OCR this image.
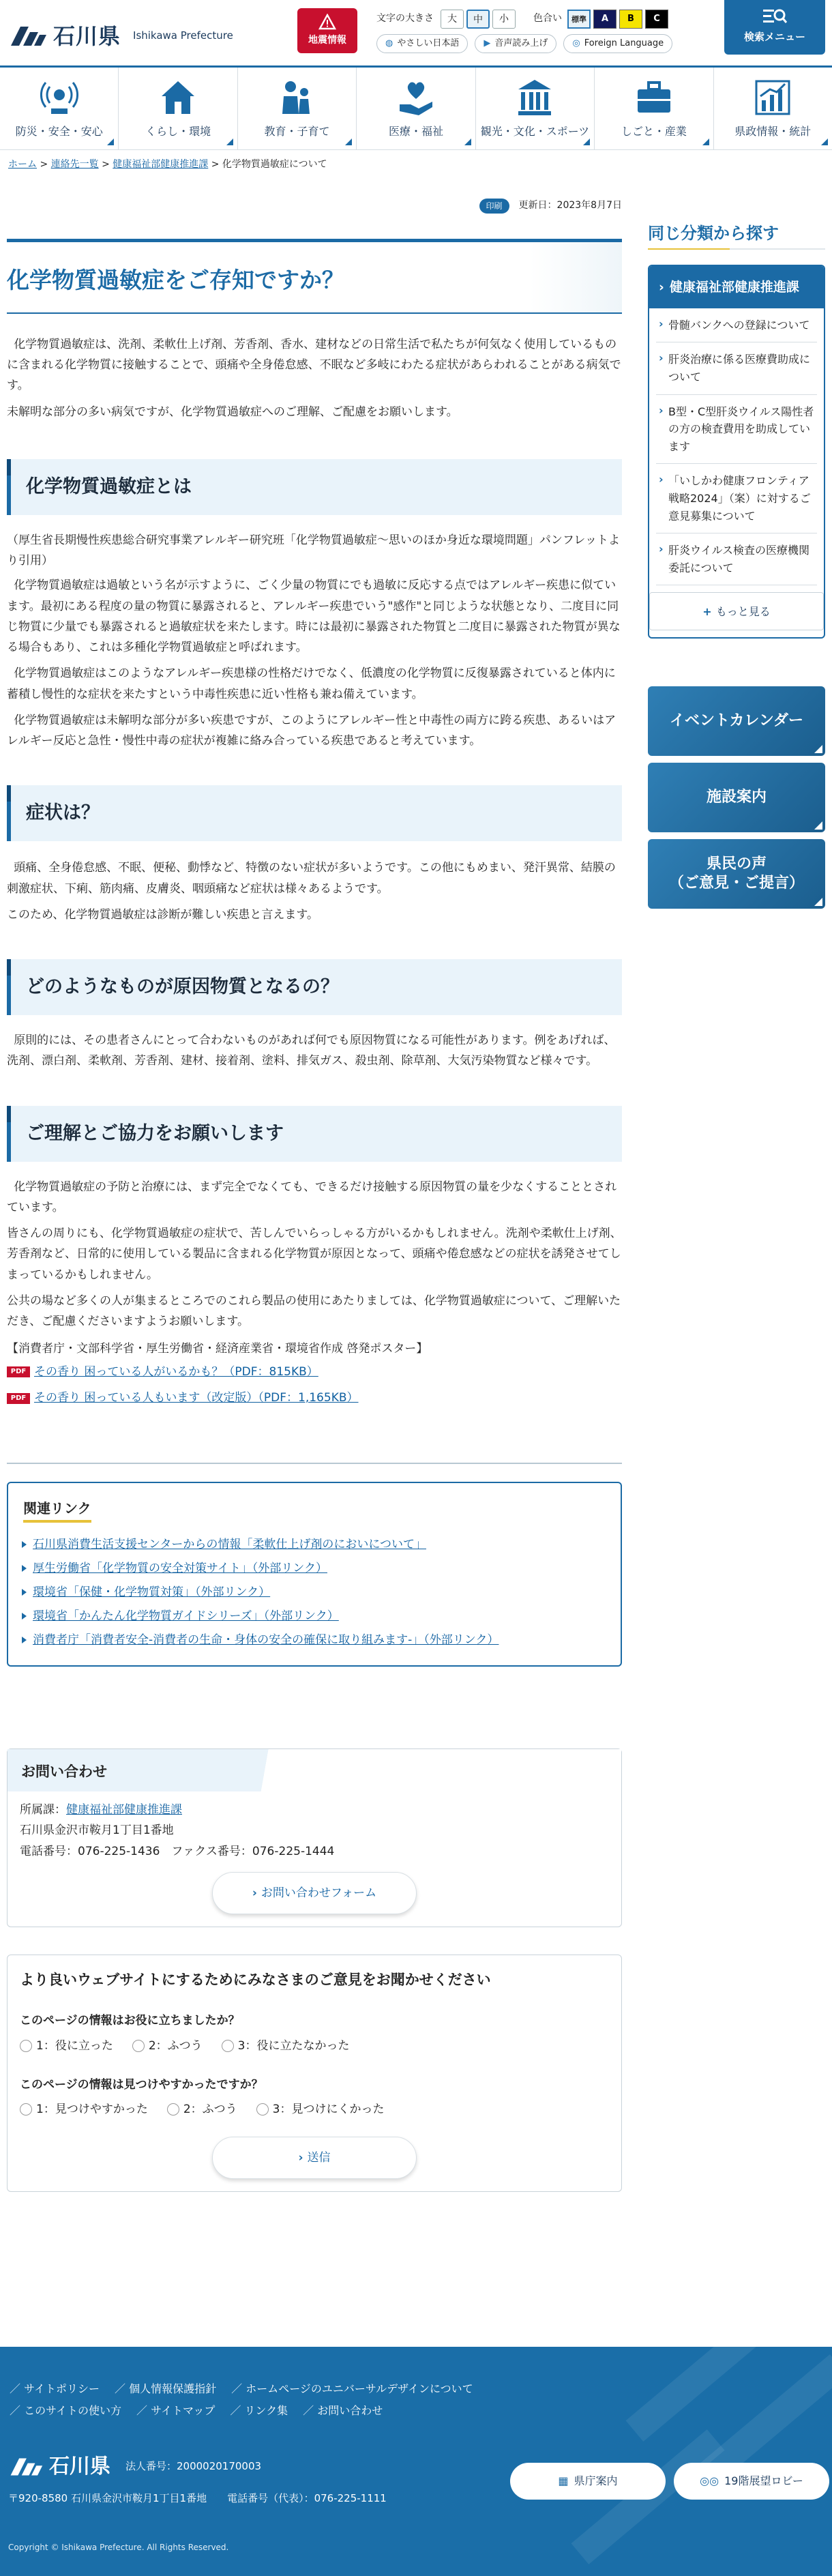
石川県 Ishikawa Prefecture	地震情報
文字の大きさ	大	中	小	色合い	標準	A	B	C
◍ やさしい日本語	▶ 音声読み上げ	◎ Foreign Language
検索メニュー
防災・安全・安心	くらし・環境	教育・子育て	医療・福祉	観光・文化・スポーツ	しごと・産業	県政情報・統計
ホーム > 連絡先一覧 > 健康福祉部健康推進課 > 化学物質過敏症について
印刷	更新日：2023年8月7日
化学物質過敏症をご存知ですか？

化学物質過敏症は、洗剤、柔軟仕上げ剤、芳香剤、香水、建材などの日常生活で私たちが何気なく使用しているものに含まれる化学物質に接触することで、頭痛や全身倦怠感、不眠など多岐にわたる症状があらわれることがある病気です。

未解明な部分の多い病気ですが、化学物質過敏症へのご理解、ご配慮をお願いします。

化学物質過敏症とは

（厚生省長期慢性疾患総合研究事業アレルギー研究班「化学物質過敏症～思いのほか身近な環境問題」パンフレットより引用）

化学物質過敏症は過敏という名が示すように、ごく少量の物質にでも過敏に反応する点ではアレルギー疾患に似ています。最初にある程度の量の物質に暴露されると、アレルギー疾患でいう"感作"と同じような状態となり、二度目に同じ物質に少量でも暴露されると過敏症状を来たします。時には最初に暴露された物質と二度目に暴露された物質が異なる場合もあり、これは多種化学物質過敏症と呼ばれます。

化学物質過敏症はこのようなアレルギー疾患様の性格だけでなく、低濃度の化学物質に反復暴露されていると体内に蓄積し慢性的な症状を来たすという中毒性疾患に近い性格も兼ね備えています。

化学物質過敏症は未解明な部分が多い疾患ですが、このようにアレルギー性と中毒性の両方に跨る疾患、あるいはアレルギー反応と急性・慢性中毒の症状が複雑に絡み合っている疾患であると考えています。

症状は？

頭痛、全身倦怠感、不眠、便秘、動悸など、特徴のない症状が多いようです。この他にもめまい、発汗異常、結膜の刺激症状、下痢、筋肉痛、皮膚炎、咽頭痛など症状は様々あるようです。

このため、化学物質過敏症は診断が難しい疾患と言えます。

どのようなものが原因物質となるの？

原則的には、その患者さんにとって合わないものがあれば何でも原因物質になる可能性があります。例をあげれば、洗剤、漂白剤、柔軟剤、芳香剤、建材、接着剤、塗料、排気ガス、殺虫剤、除草剤、大気汚染物質など様々です。

ご理解とご協力をお願いします

化学物質過敏症の予防と治療には、まず完全でなくても、できるだけ接触する原因物質の量を少なくすることとされています。

皆さんの周りにも、化学物質過敏症の症状で、苦しんでいらっしゃる方がいるかもしれません。洗剤や柔軟仕上げ剤、芳香剤など、日常的に使用している製品に含まれる化学物質が原因となって、頭痛や倦怠感などの症状を誘発させてしまっているかもしれません。

公共の場など多くの人が集まるところでのこれら製品の使用にあたりましては、化学物質過敏症について、ご理解いただき、ご配慮くださいますようお願いします。

【消費者庁・文部科学省・厚生労働省・経済産業省・環境省作成 啓発ポスター】

PDF その香り 困っている人がいるかも？（PDF：815KB）
PDF その香り 困っている人もいます（改定版）（PDF：1,165KB）
関連リンク
石川県消費生活支援センターからの情報「柔軟仕上げ剤のにおいについて」
厚生労働省「化学物質の安全対策サイト」（外部リンク）
環境省「保健・化学物質対策」（外部リンク）
環境省「かんたん化学物質ガイドシリーズ」（外部リンク）
消費者庁「消費者安全-消費者の生命・身体の安全の確保に取り組みます-」（外部リンク）
お問い合わせ
所属課：健康福祉部健康推進課
石川県金沢市鞍月1丁目1番地
電話番号：076-225-1436　ファクス番号：076-225-1444
› お問い合わせフォーム
より良いウェブサイトにするためにみなさまのご意見をお聞かせください
このページの情報はお役に立ちましたか？
1：役に立った	2：ふつう	3：役に立たなかった
このページの情報は見つけやすかったですか？
1：見つけやすかった	2：ふつう	3：見つけにくかった
› 送信
同じ分類から探す
› 健康福祉部健康推進課
› 骨髄バンクへの登録について
› 肝炎治療に係る医療費助成について
› B型・C型肝炎ウイルス陽性者の方の検査費用を助成しています
› 「いしかわ健康フロンティア戦略2024」（案）に対するご意見募集について
› 肝炎ウイルス検査の医療機関委託について
+ もっと見る
イベントカレンダー
施設案内
県民の声
（ご意見・ご提言）
／ サイトポリシー	／ 個人情報保護指針	／ ホームページのユニバーサルデザインについて
／ このサイトの使い方	／ サイトマップ	／ リンク集	／ お問い合わせ
石川県 法人番号：2000020170003
〒920-8580 石川県金沢市鞍月1丁目1番地　　電話番号（代表）：076-225-1111
Copyright © Ishikawa Prefecture. All Rights Reserved.
▦ 県庁案内	◎◎ 19階展望ロビー
